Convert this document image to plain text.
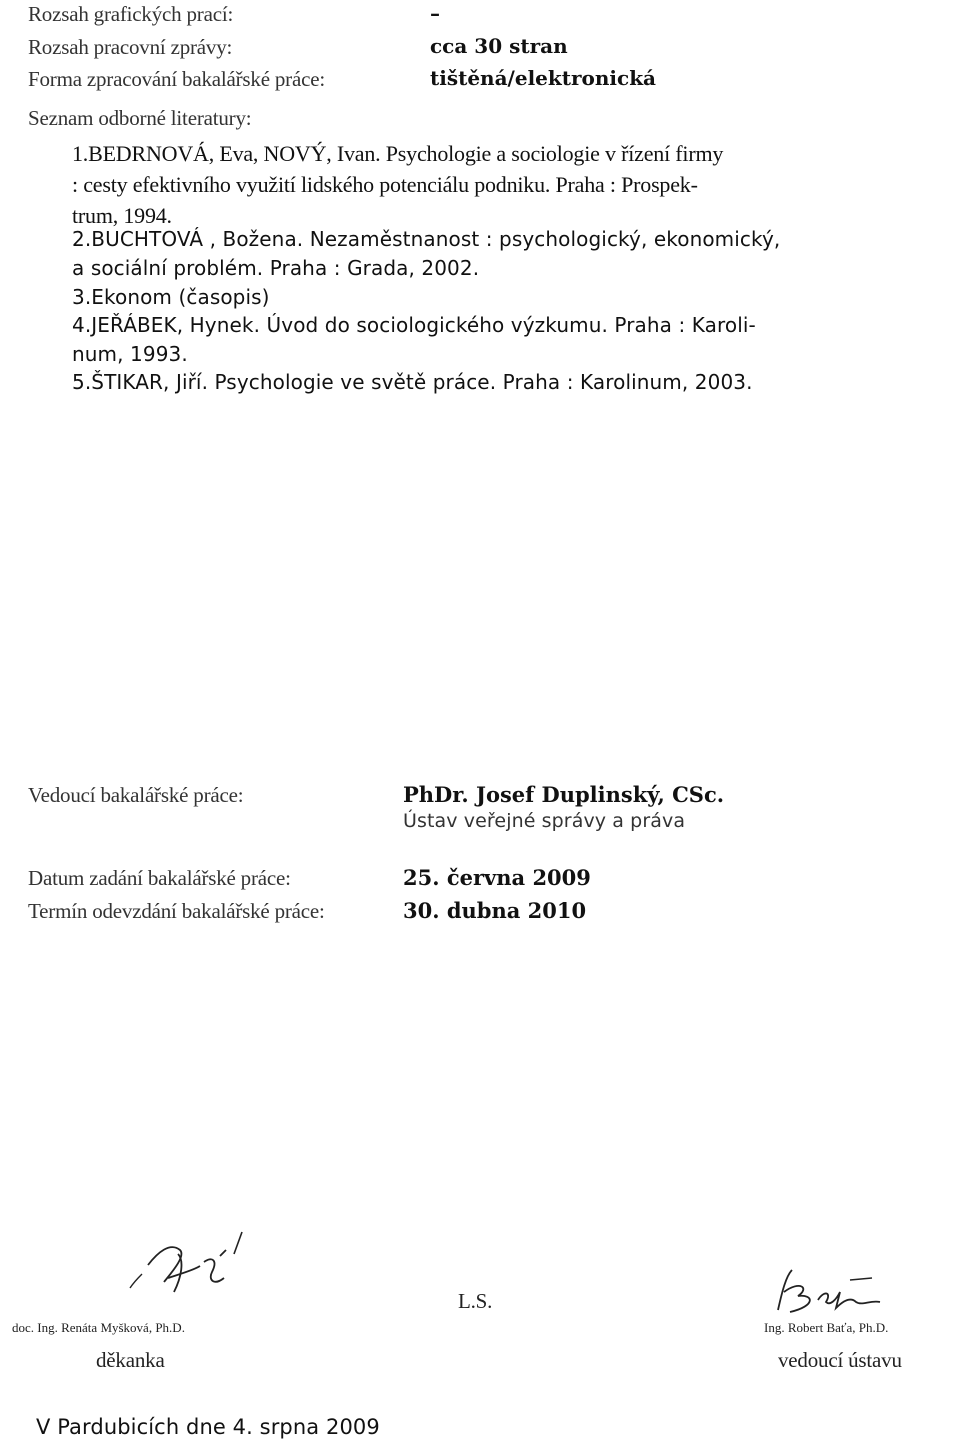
Rozsah grafických prací:	–
Rozsah pracovní zprávy:	cca 30 stran
Forma zpracování bakalářské práce:	tištěná/elektronická
Seznam odborné literatury:
1.BEDRNOVÁ, Eva, NOVÝ, Ivan. Psychologie a sociologie v řízení firmy
: cesty efektivního využití lidského potenciálu podniku. Praha : Prospek-
trum, 1994.
2.BUCHTOVÁ , Božena. Nezaměstnanost : psychologický, ekonomický,
a sociální problém. Praha : Grada, 2002.
3.Ekonom (časopis)
4.JEŘÁBEK, Hynek. Úvod do sociologického výzkumu. Praha : Karoli-
num, 1993.
5.ŠTIKAR, Jiří. Psychologie ve světě práce. Praha : Karolinum, 2003.
Vedoucí bakalářské práce:	PhDr. Josef Duplinský, CSc.
Ústav veřejné správy a práva
Datum zadání bakalářské práce:	25. června 2009
Termín odevzdání bakalářské práce:	30. dubna 2010
doc. Ing. Renáta Myšková, Ph.D.
děkanka
L.S.
Ing. Robert Baťa, Ph.D.
vedoucí ústavu
V Pardubicích dne 4. srpna 2009
